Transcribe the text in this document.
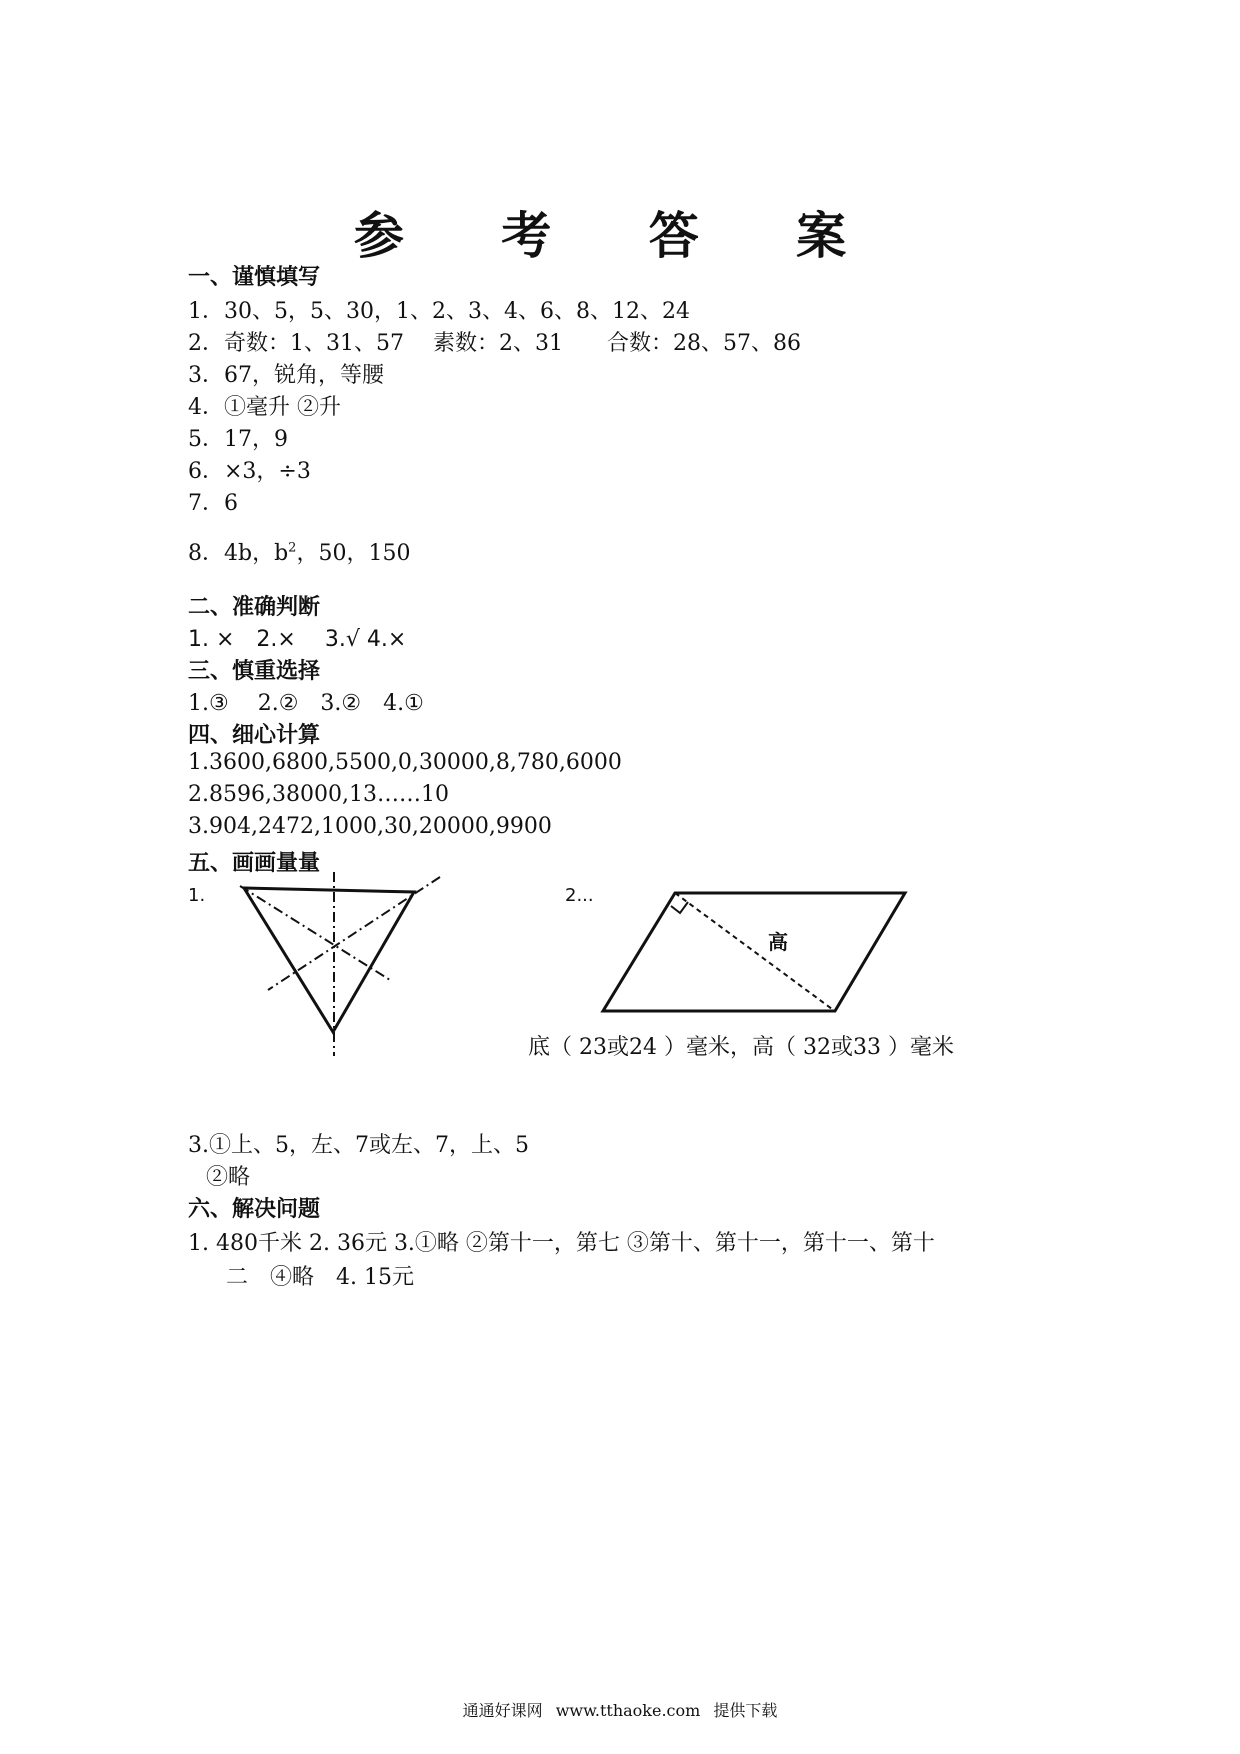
参 考 答 案
一、谨慎填写
1．30、5，5、30，1、2、3、4、6、8、12、24
2．奇数：1、31、57　 素数：2、31　　合数：28、57、86
3．67，锐角，等腰
4．①毫升 ②升
5．17，9
6．×3，÷3
7．6
8．4b，$b^2$，50，150
二、准确判断
1. ×　2.×　 3.√ 4.×
三、慎重选择
1.③　 2.②　3.②　4.①
四、细心计算
1.3600,6800,5500,0,30000,8,780,6000
2.8596,38000,13……10
3.904,2472,1000,30,20000,9900
五、画画量量
1.	2...
高
底（ 23或24 ）毫米，高（ 32或33 ）毫米
3.①上、5，左、7或左、7，上、5
②略
六、解决问题
1. 480千米 2. 36元 3.①略 ②第十一，第七 ③第十、第十一，第十一、第十
二　④略　4. 15元
通通好课网 www.tthaoke.com 提供下载
